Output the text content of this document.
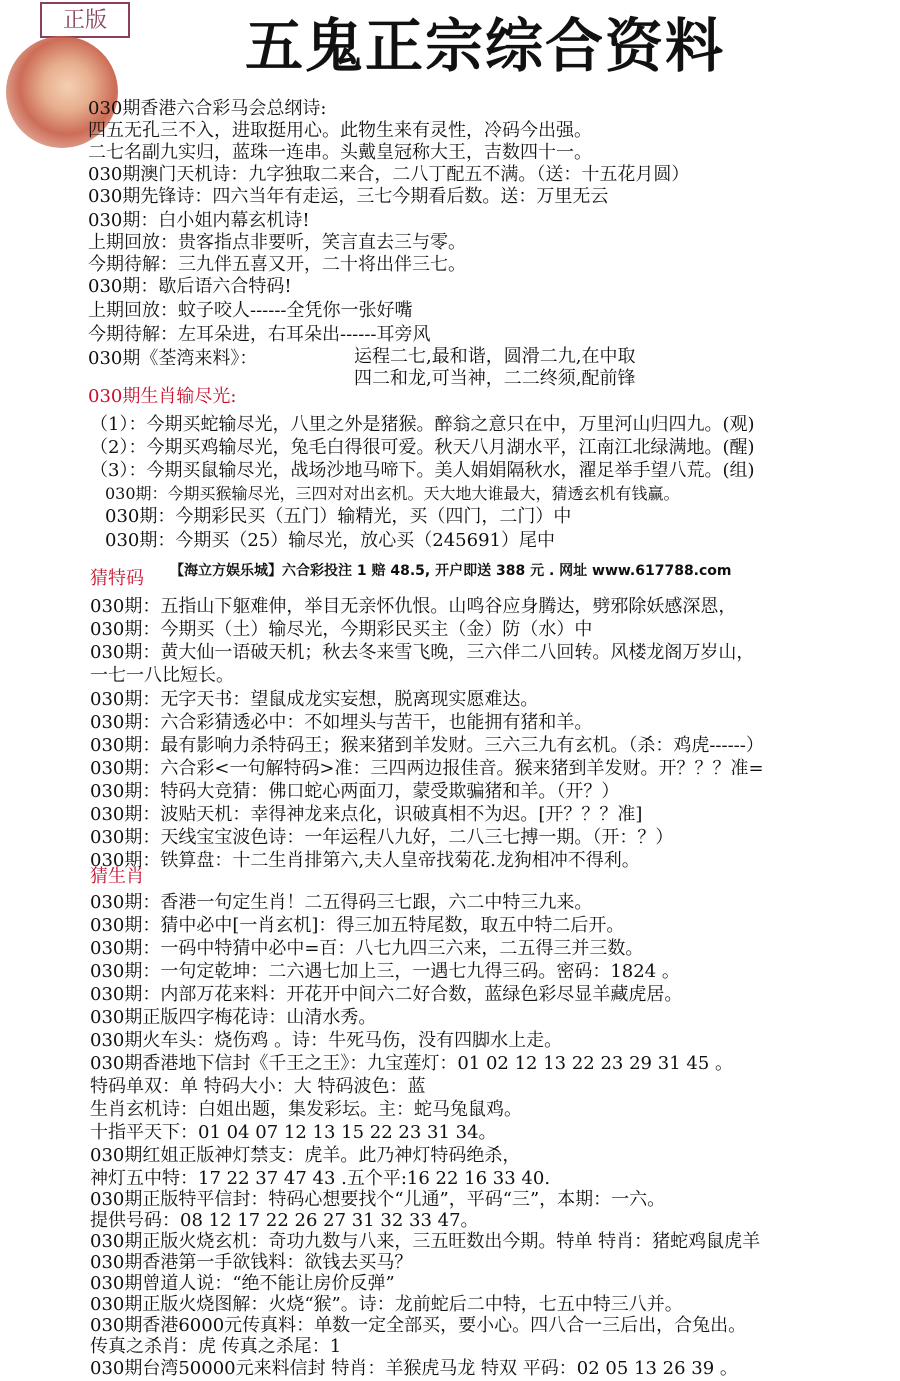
正版	五鬼正宗综合资料
030期香港六合彩马会总纲诗:
四五无孔三不入，进取挺用心。此物生来有灵性，冷码今出强。
二七名副九实归，蓝珠一连串。头戴皇冠称大王，吉数四十一。
030期澳门天机诗：九字独取二来合，二八丁配五不满。（送：十五花月圆）
030期先锋诗：四六当年有走运，三七今期看后数。送：万里无云
030期：白小姐内幕玄机诗!
上期回放：贵客指点非要听，笑言直去三与零。
今期待解：三九伴五喜又开，二十将出伴三七。
030期：歇后语六合特码!
上期回放：蚊子咬人------全凭你一张好嘴
今期待解：左耳朵进，右耳朵出------耳旁风
030期《荃湾来料》：	运程二七,最和谐，圆滑二九,在中取
四二和龙,可当神，二二终须,配前锋
030期生肖输尽光:
（1）：今期买蛇输尽光，八里之外是猪猴。醉翁之意只在中，万里河山归四九。(观)
（2）：今期买鸡输尽光，兔毛白得很可爱。秋天八月湖水平，江南江北绿满地。(醒)
（3）：今期买鼠输尽光，战场沙地马啼下。美人娟娟隔秋水，濯足举手望八荒。(组)
030期：今期买猴输尽光，三四对对出玄机。天大地大谁最大，猜透玄机有钱赢。
030期：今期彩民买（五门）输精光，买（四门，二门）中
030期：今期买（25）输尽光，放心买（245691）尾中
【海立方娱乐城】六合彩投注 1 赔 48.5, 开户即送 388 元 . 网址 www.617788.com
猜特码
030期：五指山下躯难伸，举目无亲怀仇恨。山鸣谷应身腾达，劈邪除妖感深恩，
030期：今期买（土）输尽光，今期彩民买主（金）防（水）中
030期：黄大仙一语破天机；秋去冬来雪飞晚，三六伴二八回转。风楼龙阁万岁山，
一七一八比短长。
030期：无字天书：望鼠成龙实妄想，脱离现实愿难达。
030期：六合彩猜透必中：不如埋头与苦干，也能拥有猪和羊。
030期：最有影响力杀特码王；猴来猪到羊发财。三六三九有玄机。（杀：鸡虎------）
030期：六合彩<一句解特码>准：三四两边报佳音。猴来猪到羊发财。开？？？准=
030期：特码大竞猜：佛口蛇心两面刀，蒙受欺骗猪和羊。（开？）
030期：波贴天机：幸得神龙来点化，识破真相不为迟。[开？？？准]
030期：天线宝宝波色诗：一年运程八九好，二八三七搏一期。（开：？）
030期：铁算盘：十二生肖排第六,夫人皇帝找菊花.龙狗相冲不得利。
猜生肖
030期：香港一句定生肖！二五得码三七跟，六二中特三九来。
030期：猜中必中[一肖玄机]：得三加五特尾数，取五中特二后开。
030期：一码中特猜中必中=百：八七九四三六来，二五得三并三数。
030期：一句定乾坤：二六遇七加上三，一遇七九得三码。密码：1824 。
030期：内部万花来料：开花开中间六二好合数，蓝绿色彩尽显羊藏虎居。
030期正版四字梅花诗：山清水秀。
030期火车头：烧伤鸡 。诗：牛死马伤，没有四脚水上走。
030期香港地下信封《千王之王》：九宝莲灯：01 02 12 13 22 23 29 31 45 。
特码单双：单 特码大小：大 特码波色：蓝
生肖玄机诗：白姐出题，集发彩坛。主：蛇马兔鼠鸡。
十指平天下：01 04 07 12 13 15 22 23 31 34。
030期红姐正版神灯禁支：虎羊。此乃神灯特码绝杀，
神灯五中特：17 22 37 47 43 .五个平:16 22 16 33 40.
030期正版特平信封：特码心想要找个“儿通”，平码“三”，本期：一六。
提供号码：08 12 17 22 26 27 31 32 33 47。
030期正版火烧玄机：奇功九数与八来，三五旺数出今期。特单 特肖：猪蛇鸡鼠虎羊
030期香港第一手欲钱料：欲钱去买马？
030期曾道人说：“绝不能让房价反弹”
030期正版火烧图解：火烧“猴”。诗：龙前蛇后二中特，七五中特三八并。
030期香港6000元传真料：单数一定全部买，要小心。四八合一三后出，合兔出。
传真之杀肖：虎 传真之杀尾：1
030期台湾50000元来料信封 特肖：羊猴虎马龙 特双 平码：02 05 13 26 39 。
